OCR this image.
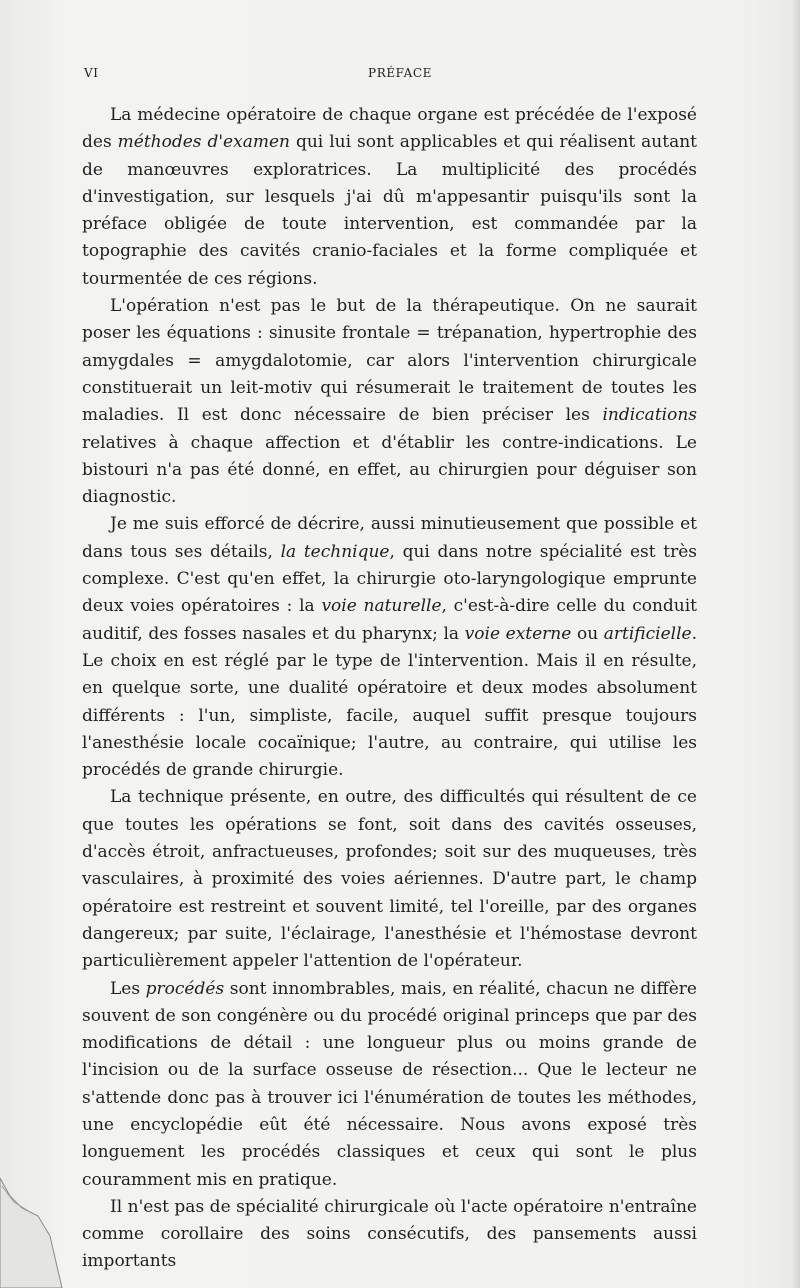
VI	PRÉFACE

La médecine opératoire de chaque organe est précédée de l'exposé des méthodes d'examen qui lui sont applicables et qui réalisent autant de manœuvres exploratrices. La multiplicité des procédés d'investigation, sur lesquels j'ai dû m'appesantir puisqu'ils sont la préface obligée de toute intervention, est commandée par la topographie des cavités cranio-faciales et la forme compliquée et tourmentée de ces régions.

L'opération n'est pas le but de la thérapeutique. On ne saurait poser les équations : sinusite frontale = trépanation, hypertrophie des amygdales = amygdalotomie, car alors l'intervention chirurgicale constituerait un leit-motiv qui résumerait le traitement de toutes les maladies. Il est donc nécessaire de bien préciser les indications relatives à chaque affection et d'établir les contre-indications. Le bistouri n'a pas été donné, en effet, au chirurgien pour déguiser son diagnostic.

Je me suis efforcé de décrire, aussi minutieusement que possible et dans tous ses détails, la technique, qui dans notre spécialité est très complexe. C'est qu'en effet, la chirurgie oto-laryngologique emprunte deux voies opératoires : la voie naturelle, c'est-à-dire celle du conduit auditif, des fosses nasales et du pharynx; la voie externe ou artificielle. Le choix en est réglé par le type de l'intervention. Mais il en résulte, en quelque sorte, une dualité opératoire et deux modes absolument différents : l'un, simpliste, facile, auquel suffit presque toujours l'anesthésie locale cocaïnique; l'autre, au contraire, qui utilise les procédés de grande chirurgie.

La technique présente, en outre, des difficultés qui résultent de ce que toutes les opérations se font, soit dans des cavités osseuses, d'accès étroit, anfractueuses, profondes; soit sur des muqueuses, très vasculaires, à proximité des voies aériennes. D'autre part, le champ opératoire est restreint et souvent limité, tel l'oreille, par des organes dangereux; par suite, l'éclairage, l'anesthésie et l'hémostase devront particulièrement appeler l'attention de l'opérateur.

Les procédés sont innombrables, mais, en réalité, chacun ne diffère souvent de son congénère ou du procédé original princeps que par des modifications de détail : une longueur plus ou moins grande de l'incision ou de la surface osseuse de résection... Que le lecteur ne s'attende donc pas à trouver ici l'énumération de toutes les méthodes, une encyclopédie eût été nécessaire. Nous avons exposé très longuement les procédés classiques et ceux qui sont le plus couramment mis en pratique.

Il n'est pas de spécialité chirurgicale où l'acte opératoire n'entraîne comme corollaire des soins consécutifs, des pansements aussi importants
